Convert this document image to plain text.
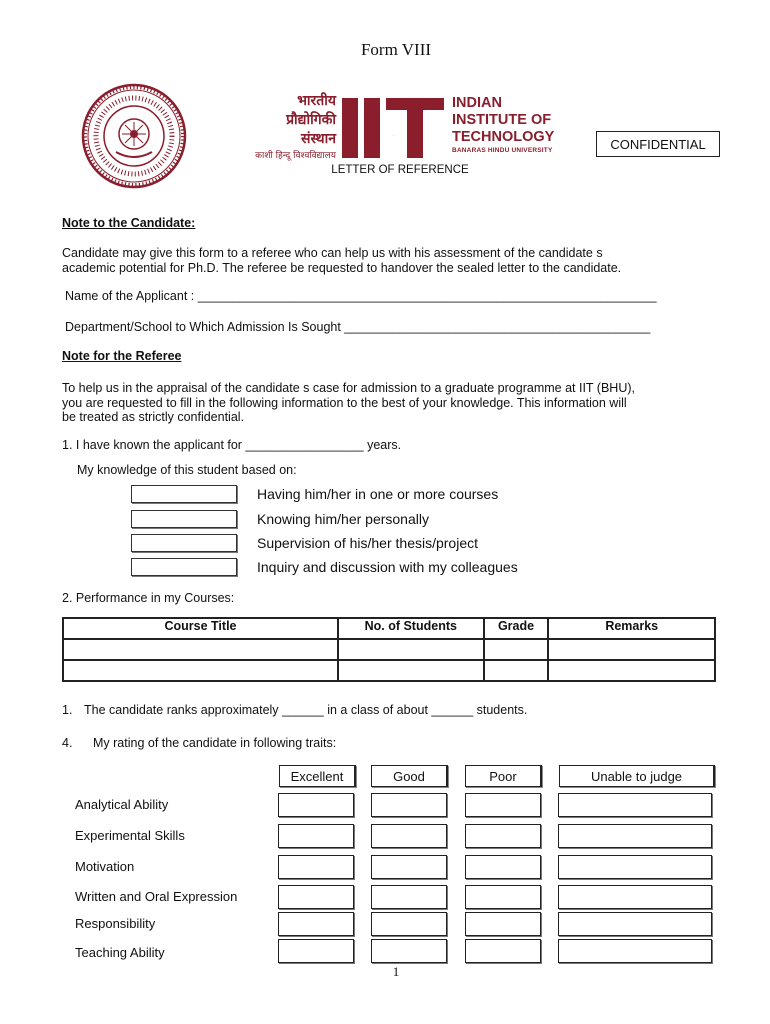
Form VIII
भारतीय
प्रौद्योगिकी
संस्थान
काशी हिन्दू विश्वविद्यालय
IIT
INDIAN
INSTITUTE OF
TECHNOLOGY
BANARAS HINDU UNIVERSITY	CONFIDENTIAL
LETTER OF REFERENCE
Note to the Candidate:
Candidate may give this form to a referee who can help us with his assessment of the candidate s
academic potential for Ph.D. The referee be requested to handover the sealed letter to the candidate.
Name of the Applicant : __________________________________________________________________
Department/School to Which Admission Is Sought ____________________________________________
Note for the Referee
To help us in the appraisal of the candidate s case for admission to a graduate programme at IIT (BHU),
you are requested to fill in the following information to the best of your knowledge. This information will
be treated as strictly confidential.
1. I have known the applicant for _________________ years.
My knowledge of this student based on:
Having him/her in one or more courses
Knowing him/her personally
Supervision of his/her thesis/project
Inquiry and discussion with my colleagues
2. Performance in my Courses:
Course Title	No. of Students	Grade	Remarks

1. The candidate ranks approximately ______ in a class of about ______ students.
4. My rating of the candidate in following traits:
Excellent	Good	Poor	Unable to judge
Analytical Ability
Experimental Skills
Motivation
Written and Oral Expression
Responsibility
Teaching Ability
1
